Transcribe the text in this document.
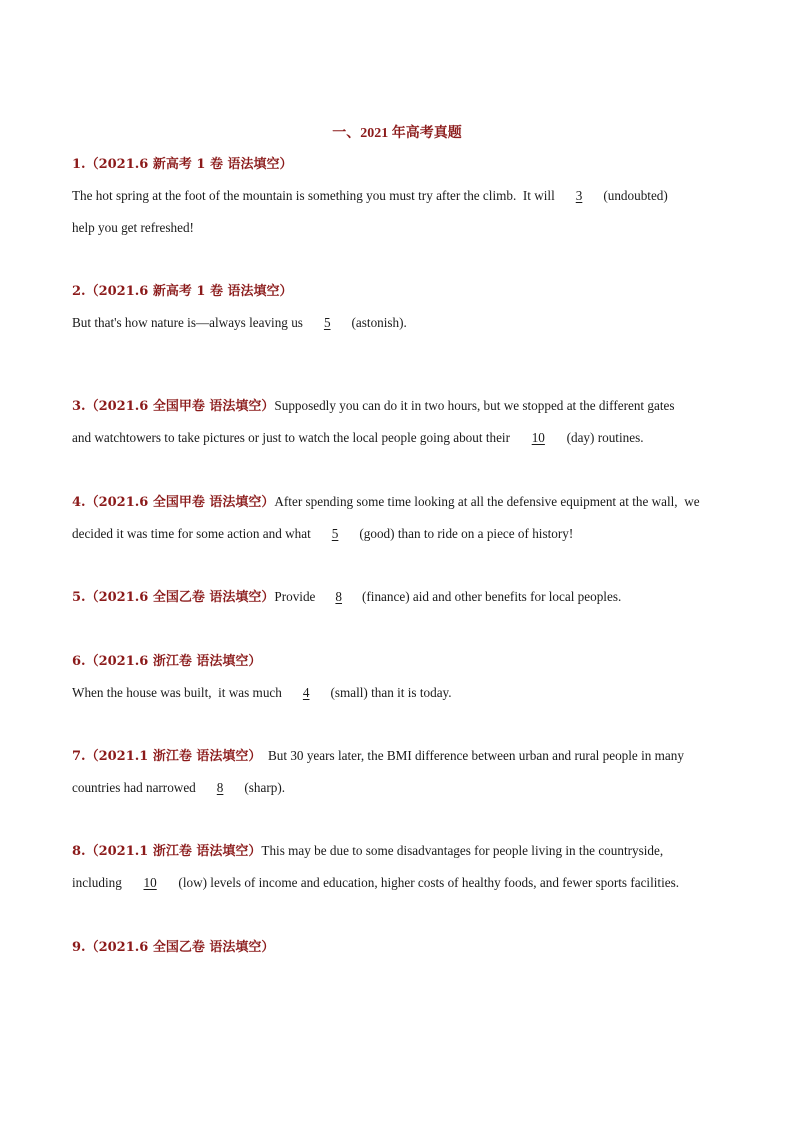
一、2021 年高考真题
1.（2021.6 新高考 1 卷 语法填空）
The hot spring at the foot of the mountain is something you must try after the climb.  It will 3 (undoubted)
help you get refreshed!
2.（2021.6 新高考 1 卷 语法填空）
But that's how nature is—always leaving us 5 (astonish).
3.（2021.6 全国甲卷 语法填空）Supposedly you can do it in two hours, but we stopped at the different gates
and watchtowers to take pictures or just to watch the local people going about their 10 (day) routines.
4.（2021.6 全国甲卷 语法填空）After spending some time looking at all the defensive equipment at the wall,  we
decided it was time for some action and what 5 (good) than to ride on a piece of history!
5.（2021.6 全国乙卷 语法填空）Provide 8 (finance) aid and other benefits for local peoples.
6.（2021.6 浙江卷 语法填空）
When the house was built,  it was much 4 (small) than it is today.
7.（2021.1 浙江卷 语法填空）  But 30 years later, the BMI difference between urban and rural people in many
countries had narrowed 8 (sharp).
8.（2021.1 浙江卷 语法填空）This may be due to some disadvantages for people living in the countryside,
including 10 (low) levels of income and education, higher costs of healthy foods, and fewer sports facilities.
9.（2021.6 全国乙卷 语法填空）
